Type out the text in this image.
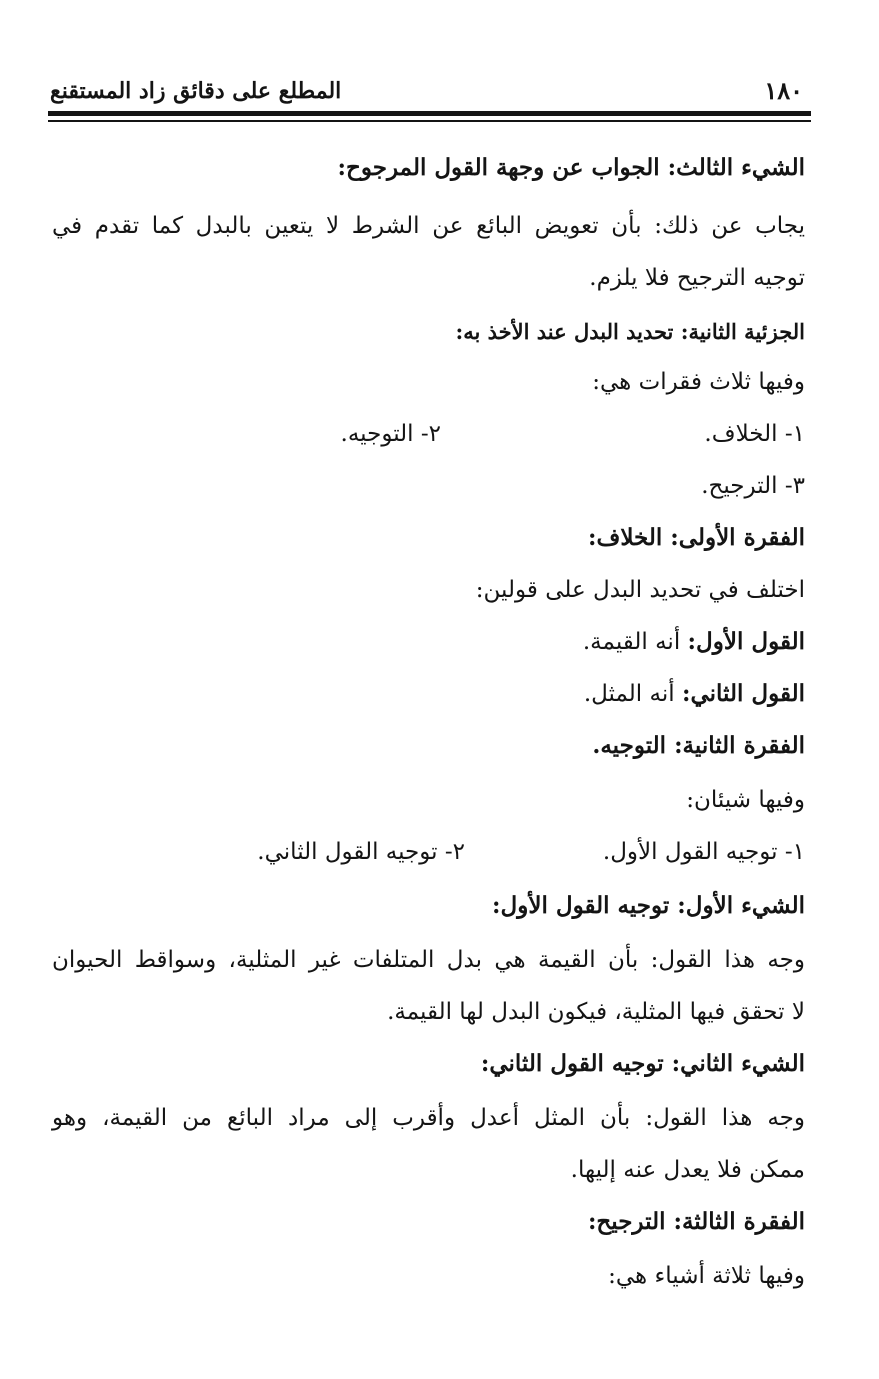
المطلع على دقائق زاد المستقنع	١٨٠
الشيء الثالث: الجواب عن وجهة القول المرجوح:
يجاب عن ذلك: بأن تعويض البائع عن الشرط لا يتعين بالبدل كما تقدم في
توجيه الترجيح فلا يلزم.
الجزئية الثانية: تحديد البدل عند الأخذ به:
وفيها ثلاث فقرات هي:
١- الخلاف.
٢- التوجيه.
٣- الترجيح.
الفقرة الأولى: الخلاف:
اختلف في تحديد البدل على قولين:
القول الأول: أنه القيمة.
القول الثاني: أنه المثل.
الفقرة الثانية: التوجيه.
وفيها شيئان:
١- توجيه القول الأول.
٢- توجيه القول الثاني.
الشيء الأول: توجيه القول الأول:
وجه هذا القول: بأن القيمة هي بدل المتلفات غير المثلية، وسواقط الحيوان
لا تحقق فيها المثلية، فيكون البدل لها القيمة.
الشيء الثاني: توجيه القول الثاني:
وجه هذا القول: بأن المثل أعدل وأقرب إلى مراد البائع من القيمة، وهو
ممكن فلا يعدل عنه إليها.
الفقرة الثالثة: الترجيح:
وفيها ثلاثة أشياء هي:
